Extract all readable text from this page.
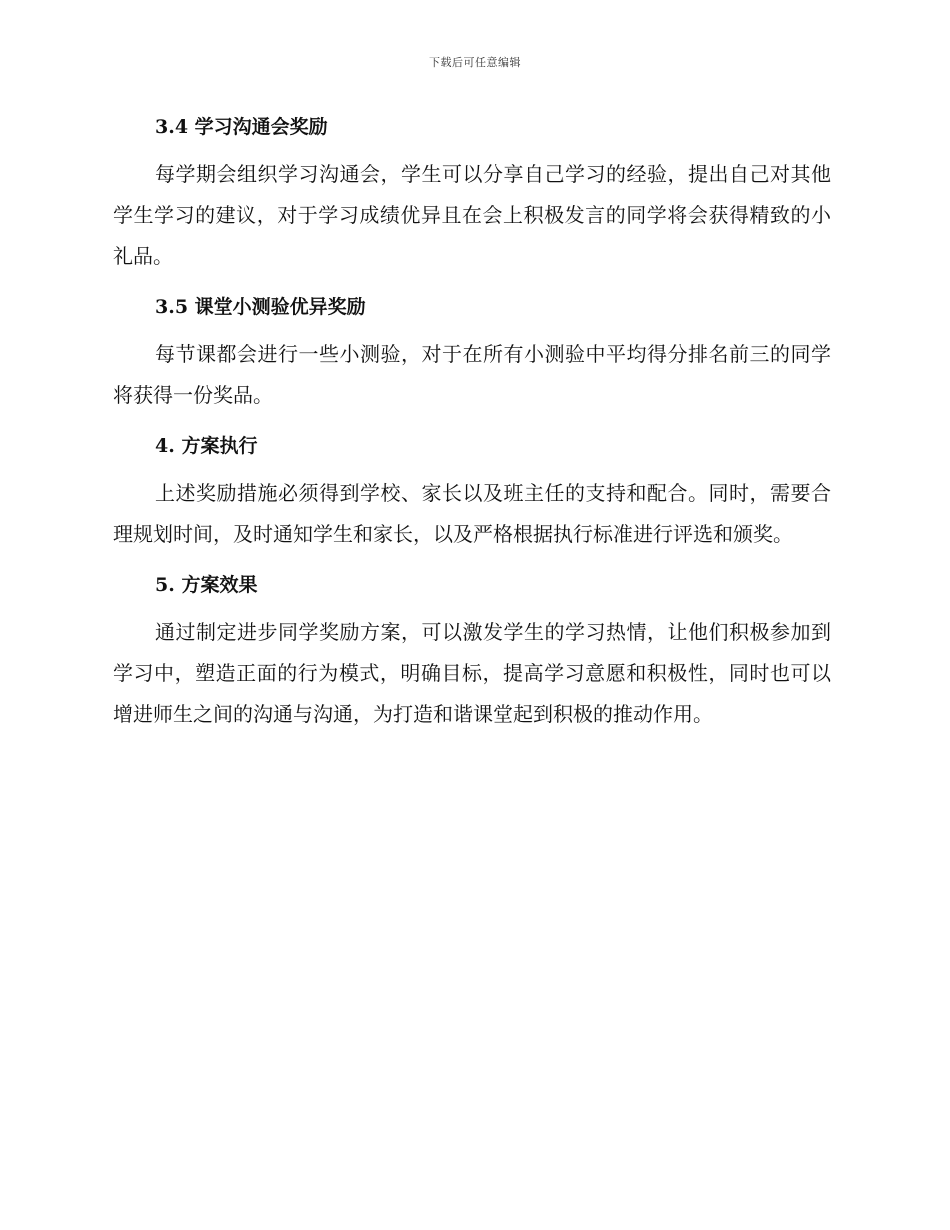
下载后可任意编辑
3.4 学习沟通会奖励

每学期会组织学习沟通会，学生可以分享自己学习的经验，提出自己对其他学生学习的建议，对于学习成绩优异且在会上积极发言的同学将会获得精致的小礼品。

3.5 课堂小测验优异奖励

每节课都会进行一些小测验，对于在所有小测验中平均得分排名前三的同学将获得一份奖品。

4. 方案执行

上述奖励措施必须得到学校、家长以及班主任的支持和配合。同时，需要合理规划时间，及时通知学生和家长，以及严格根据执行标准进行评选和颁奖。

5. 方案效果

通过制定进步同学奖励方案，可以激发学生的学习热情，让他们积极参加到学习中，塑造正面的行为模式，明确目标，提高学习意愿和积极性，同时也可以增进师生之间的沟通与沟通，为打造和谐课堂起到积极的推动作用。
